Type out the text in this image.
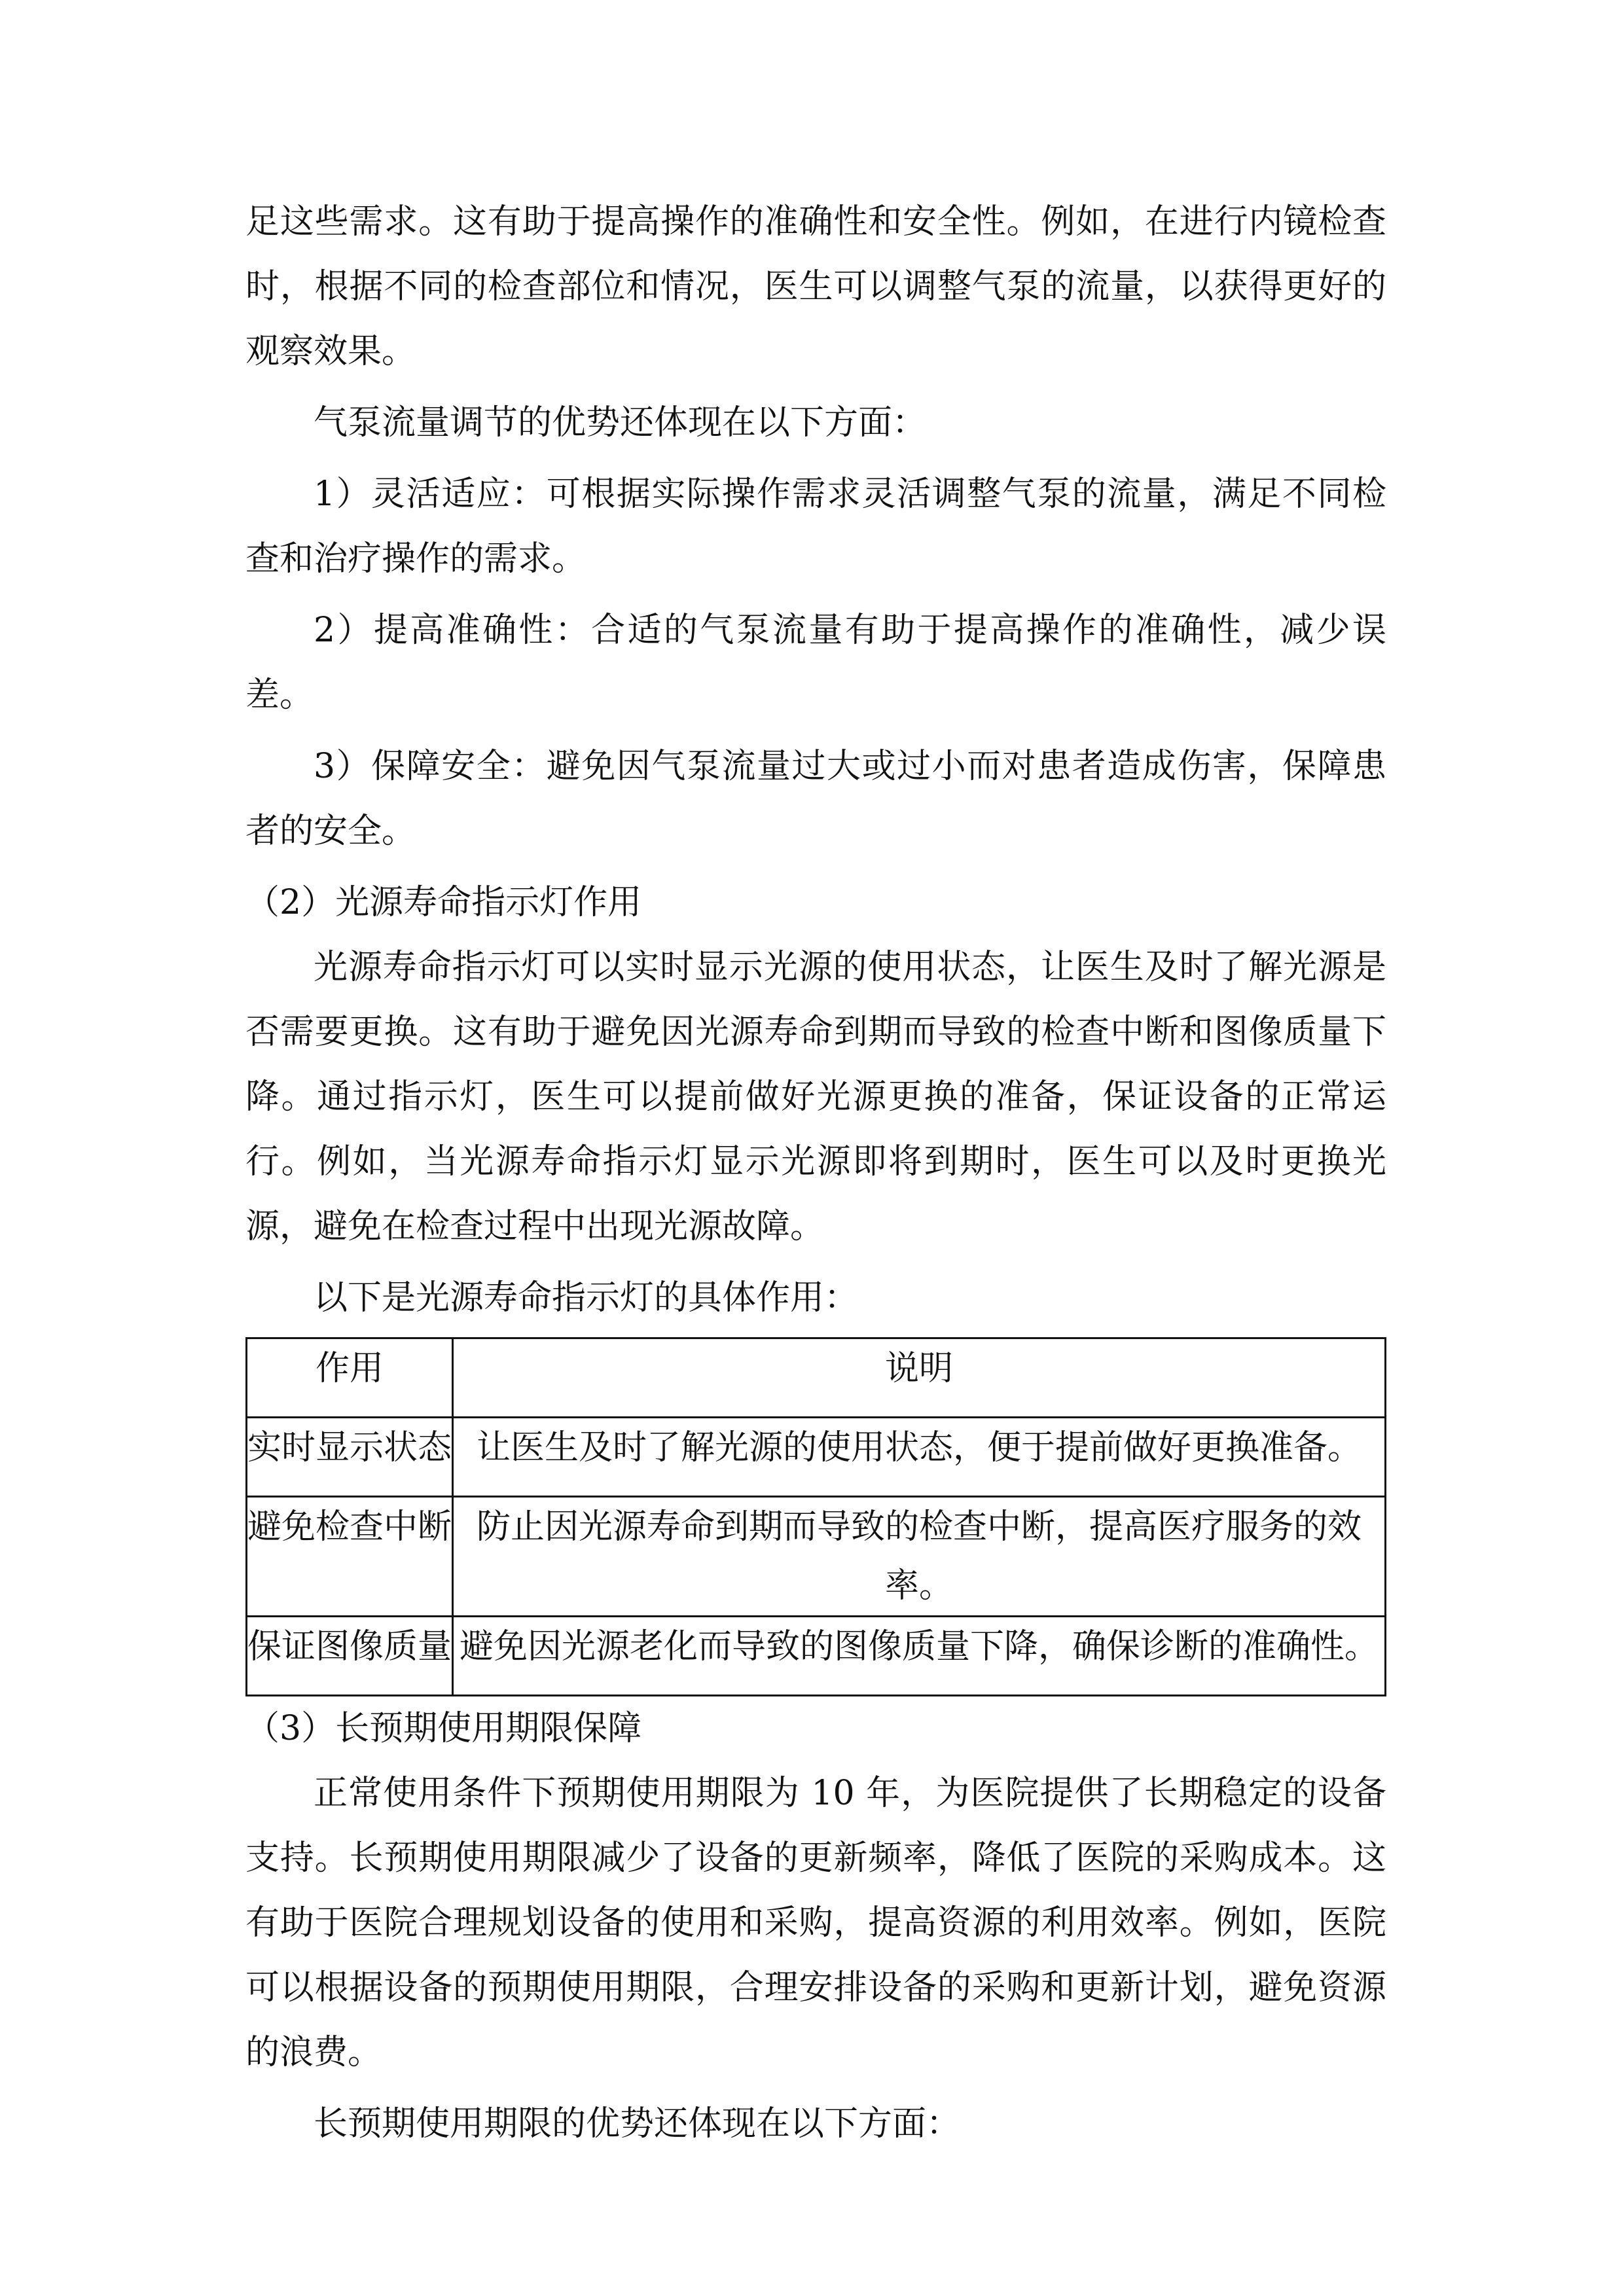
足这些需求。这有助于提高操作的准确性和安全性。例如，在进行内镜检查时，根据不同的检查部位和情况，医生可以调整气泵的流量，以获得更好的观察效果。

气泵流量调节的优势还体现在以下方面：

1）灵活适应：可根据实际操作需求灵活调整气泵的流量，满足不同检查和治疗操作的需求。

2）提高准确性：合适的气泵流量有助于提高操作的准确性，减少误差。

3）保障安全：避免因气泵流量过大或过小而对患者造成伤害，保障患者的安全。

（2）光源寿命指示灯作用

光源寿命指示灯可以实时显示光源的使用状态，让医生及时了解光源是否需要更换。这有助于避免因光源寿命到期而导致的检查中断和图像质量下降。通过指示灯，医生可以提前做好光源更换的准备，保证设备的正常运行。例如，当光源寿命指示灯显示光源即将到期时，医生可以及时更换光源，避免在检查过程中出现光源故障。

以下是光源寿命指示灯的具体作用：

作用	说明
实时显示状态	让医生及时了解光源的使用状态，便于提前做好更换准备。
避免检查中断	防止因光源寿命到期而导致的检查中断，提高医疗服务的效率。
保证图像质量	避免因光源老化而导致的图像质量下降，确保诊断的准确性。

（3）长预期使用期限保障

正常使用条件下预期使用期限为 10 年，为医院提供了长期稳定的设备支持。长预期使用期限减少了设备的更新频率，降低了医院的采购成本。这有助于医院合理规划设备的使用和采购，提高资源的利用效率。例如，医院可以根据设备的预期使用期限，合理安排设备的采购和更新计划，避免资源的浪费。

长预期使用期限的优势还体现在以下方面：
